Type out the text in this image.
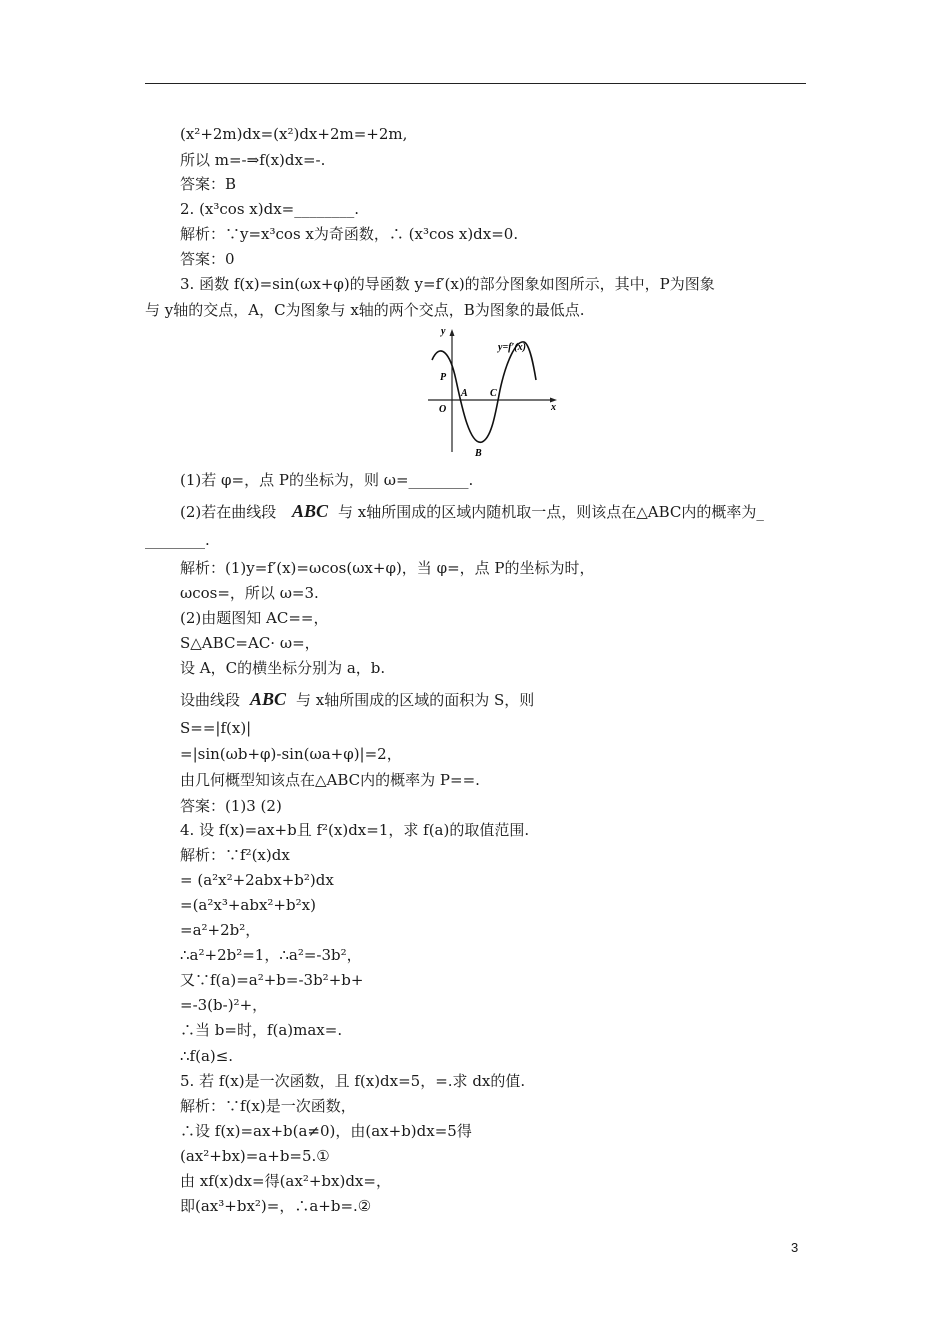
(x²+2m)dx=(x²)dx+2m=+2m,
所以 m=-⇒f(x)dx=-.
答案：B
2. (x³cos x)dx=________.
解析：∵y=x³cos x为奇函数，∴ (x³cos x)dx=0.
答案：0
3. 函数 f(x)=sin(ωx+φ)的导函数 y=f′(x)的部分图象如图所示，其中，P为图象
与 y轴的交点，A，C为图象与 x轴的两个交点，B为图象的最低点.
(1)若 φ=，点 P的坐标为，则 ω=________.
(2)若在曲线段	与 x轴所围成的区域内随机取一点，则该点在△ABC内的概率为_
________.
解析：(1)y=f′(x)=ωcos(ωx+φ)，当 φ=，点 P的坐标为时，
ωcos=，所以 ω=3.
(2)由题图知 AC==，
S△ABC=AC· ω=，
设 A，C的横坐标分别为 a，b.
设曲线段	与 x轴所围成的区域的面积为 S，则
S==|f(x)|
=|sin(ωb+φ)-sin(ωa+φ)|=2，
由几何概型知该点在△ABC内的概率为 P==.
答案：(1)3 (2)
4. 设 f(x)=ax+b且 f²(x)dx=1，求 f(a)的取值范围.
解析：∵f²(x)dx
= (a²x²+2abx+b²)dx
=(a²x³+abx²+b²x)
=a²+2b²，
∴a²+2b²=1，∴a²=-3b²，
又∵f(a)=a²+b=-3b²+b+
=-3(b-)²+，
∴当 b=时，f(a)max=.
∴f(a)≤.
5. 若 f(x)是一次函数，且 f(x)dx=5，=.求 dx的值.
解析：∵f(x)是一次函数，
∴设 f(x)=ax+b(a≠0)，由(ax+b)dx=5得
(ax²+bx)=a+b=5.①
由 xf(x)dx=得(ax²+bx)dx=，
即(ax³+bx²)=，∴a+b=.②
ABC
ABC
y
x
y=f′(x)
P
O
A C
B
3
